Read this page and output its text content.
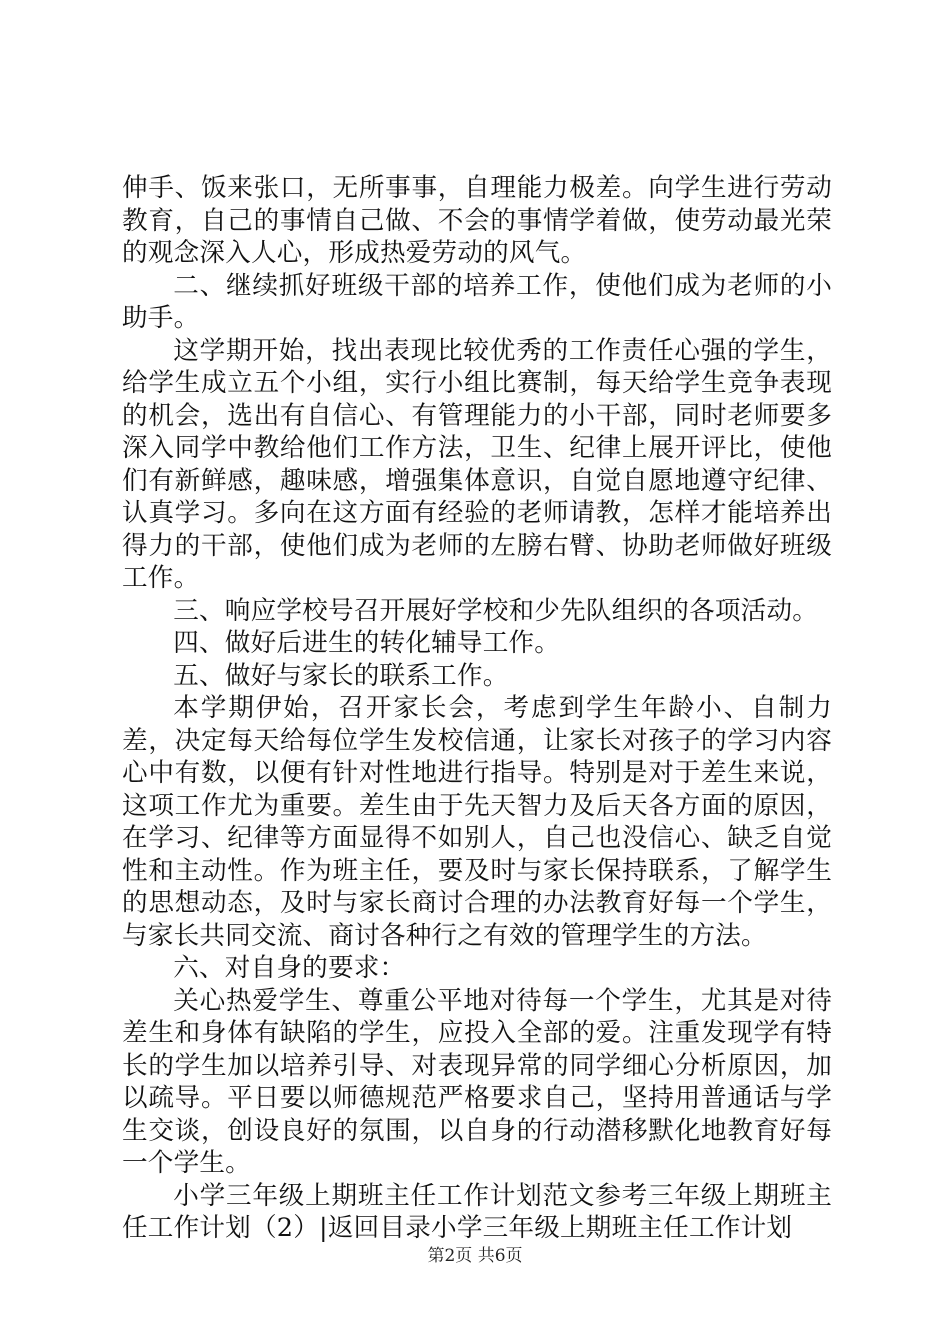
伸手、饭来张口，无所事事，自理能力极差。向学生进行劳动教育，自己的事情自己做、不会的事情学着做，使劳动最光荣的观念深入人心，形成热爱劳动的风气。

二、继续抓好班级干部的培养工作，使他们成为老师的小助手。

这学期开始，找出表现比较优秀的工作责任心强的学生，给学生成立五个小组，实行小组比赛制，每天给学生竞争表现的机会，选出有自信心、有管理能力的小干部，同时老师要多深入同学中教给他们工作方法，卫生、纪律上展开评比，使他们有新鲜感，趣味感，增强集体意识，自觉自愿地遵守纪律、认真学习。多向在这方面有经验的老师请教，怎样才能培养出得力的干部，使他们成为老师的左膀右臂、协助老师做好班级工作。

三、响应学校号召开展好学校和少先队组织的各项活动。

四、做好后进生的转化辅导工作。

五、做好与家长的联系工作。

本学期伊始，召开家长会，考虑到学生年龄小、自制力差，决定每天给每位学生发校信通，让家长对孩子的学习内容心中有数，以便有针对性地进行指导。特别是对于差生来说，这项工作尤为重要。差生由于先天智力及后天各方面的原因，在学习、纪律等方面显得不如别人，自己也没信心、缺乏自觉性和主动性。作为班主任，要及时与家长保持联系，了解学生的思想动态，及时与家长商讨合理的办法教育好每一个学生，与家长共同交流、商讨各种行之有效的管理学生的方法。

六、对自身的要求：

关心热爱学生、尊重公平地对待每一个学生，尤其是对待差生和身体有缺陷的学生，应投入全部的爱。注重发现学有特长的学生加以培养引导、对表现异常的同学细心分析原因，加以疏导。平日要以师德规范严格要求自己，坚持用普通话与学生交谈，创设良好的氛围，以自身的行动潜移默化地教育好每一个学生。

小学三年级上期班主任工作计划范文参考三年级上期班主任工作计划（2）|返回目录小学三年级上期班主任工作计划

第2页 共6页
